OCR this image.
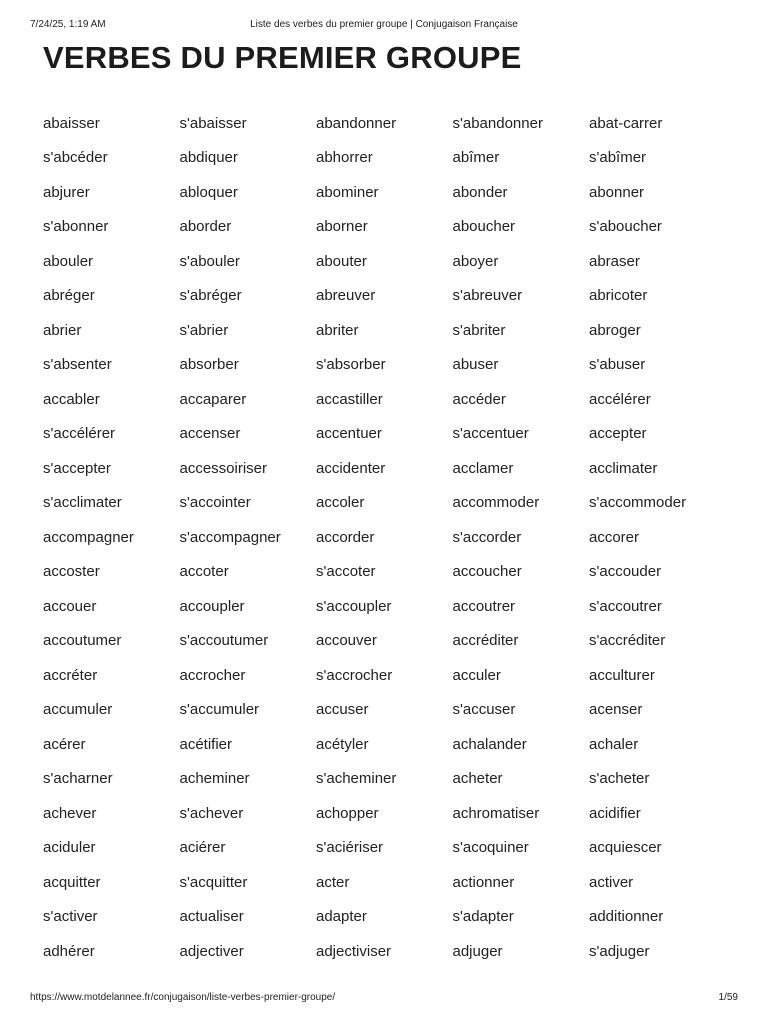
7/24/25, 1:19 AM	Liste des verbes du premier groupe | Conjugaison Française
VERBES DU PREMIER GROUPE
abaisser	s'abaisser	abandonner	s'abandonner	abat-carrer
s'abcéder	abdiquer	abhorrer	abîmer	s'abîmer
abjurer	abloquer	abominer	abonder	abonner
s'abonner	aborder	aborner	aboucher	s'aboucher
abouler	s'abouler	abouter	aboyer	abraser
abréger	s'abréger	abreuver	s'abreuver	abricoter
abrier	s'abrier	abriter	s'abriter	abroger
s'absenter	absorber	s'absorber	abuser	s'abuser
accabler	accaparer	accastiller	accéder	accélérer
s'accélérer	accenser	accentuer	s'accentuer	accepter
s'accepter	accessoiriser	accidenter	acclamer	acclimater
s'acclimater	s'accointer	accoler	accommoder	s'accommoder
accompagner	s'accompagner	accorder	s'accorder	accorer
accoster	accoter	s'accoter	accoucher	s'accouder
accouer	accoupler	s'accoupler	accoutrer	s'accoutrer
accoutumer	s'accoutumer	accouver	accréditer	s'accréditer
accréter	accrocher	s'accrocher	acculer	acculturer
accumuler	s'accumuler	accuser	s'accuser	acenser
acérer	acétifier	acétyler	achalander	achaler
s'acharner	acheminer	s'acheminer	acheter	s'acheter
achever	s'achever	achopper	achromatiser	acidifier
aciduler	aciérer	s'aciériser	s'acoquiner	acquiescer
acquitter	s'acquitter	acter	actionner	activer
s'activer	actualiser	adapter	s'adapter	additionner
adhérer	adjectiver	adjectiviser	adjuger	s'adjuger
https://www.motdelannee.fr/conjugaison/liste-verbes-premier-groupe/	1/59
